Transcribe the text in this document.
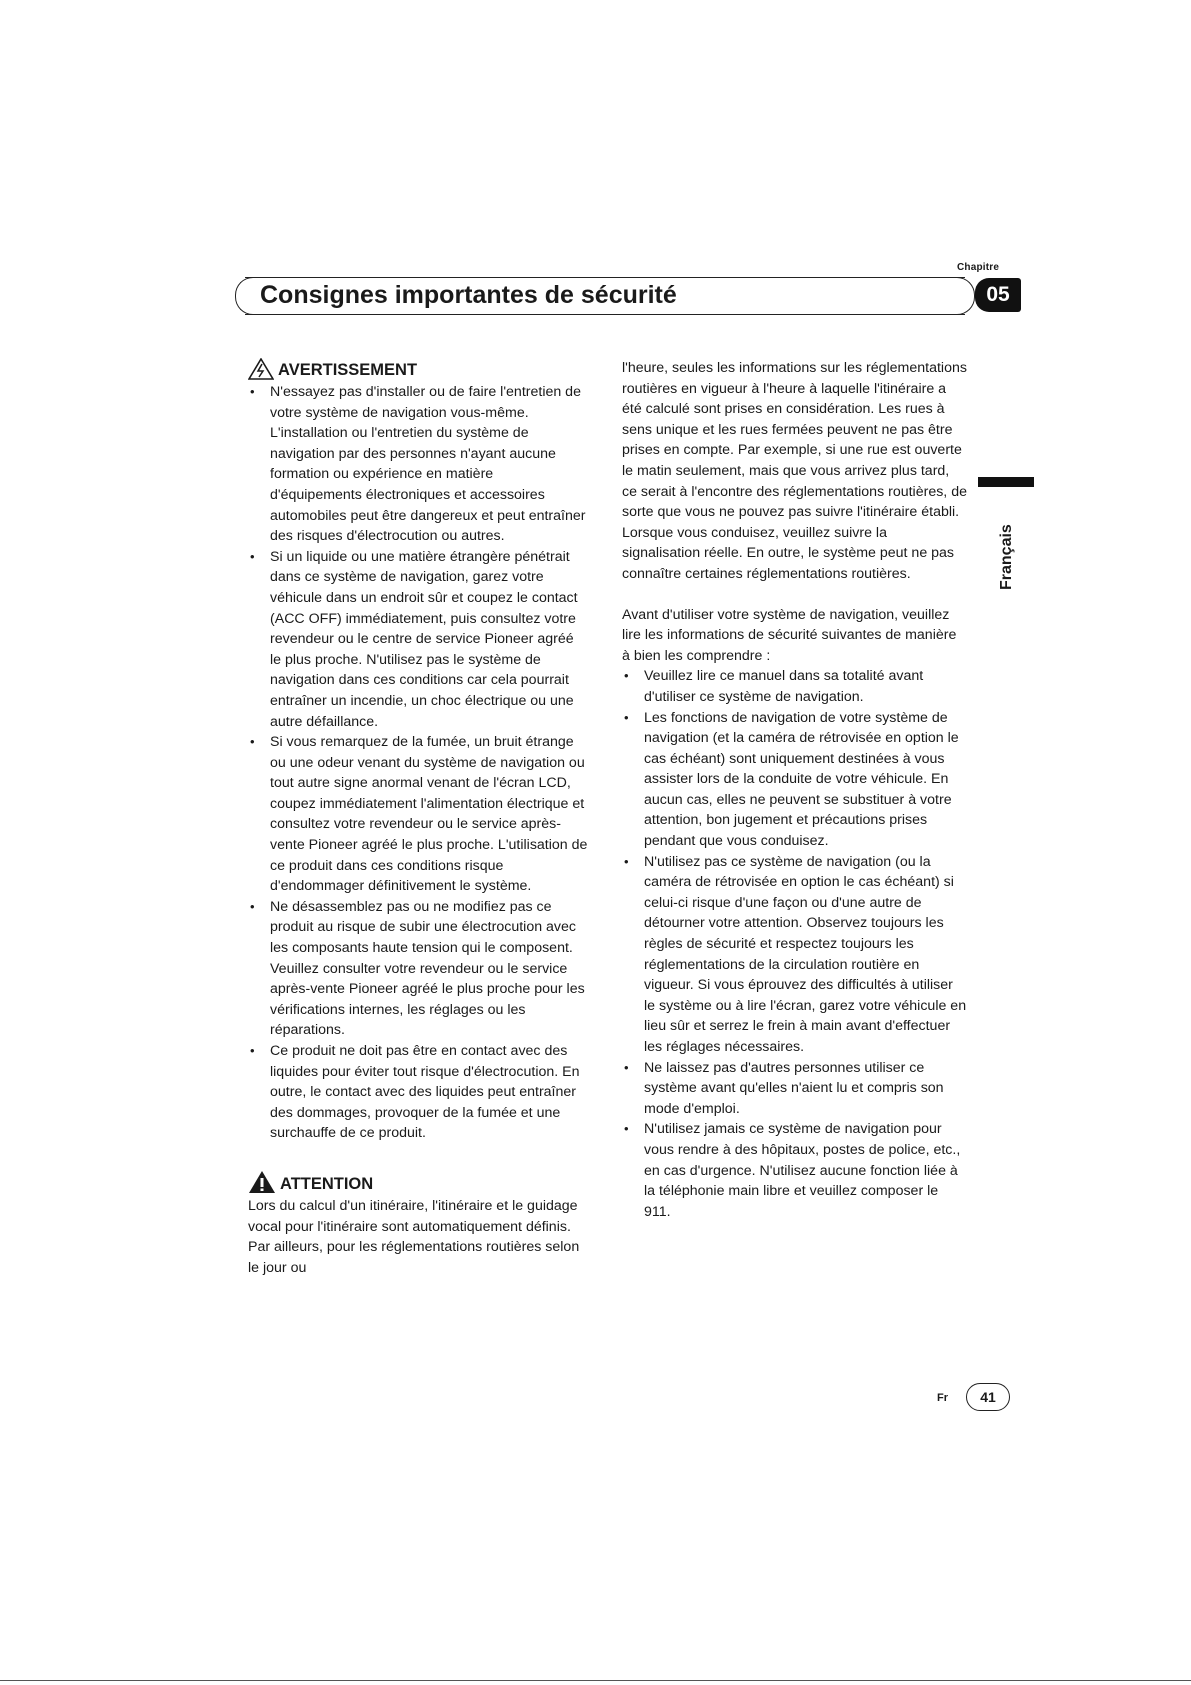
Chapitre
Consignes importantes de sécurité	05
Français
AVERTISSEMENT
• N'essayez pas d'installer ou de faire l'entretien de votre système de navigation vous-même. L'installation ou l'entretien du système de navigation par des personnes n'ayant aucune formation ou expérience en matière d'équipements électroniques et accessoires automobiles peut être dangereux et peut entraîner des risques d'électrocution ou autres.
• Si un liquide ou une matière étrangère pénétrait dans ce système de navigation, garez votre véhicule dans un endroit sûr et coupez le contact (ACC OFF) immédiatement, puis consultez votre revendeur ou le centre de service Pioneer agréé le plus proche. N'utilisez pas le système de navigation dans ces conditions car cela pourrait entraîner un incendie, un choc électrique ou une autre défaillance.
• Si vous remarquez de la fumée, un bruit étrange ou une odeur venant du système de navigation ou tout autre signe anormal venant de l'écran LCD, coupez immédiatement l'alimentation électrique et consultez votre revendeur ou le service après-vente Pioneer agréé le plus proche. L'utilisation de ce produit dans ces conditions risque d'endommager définitivement le système.
• Ne désassemblez pas ou ne modifiez pas ce produit au risque de subir une électrocution avec les composants haute tension qui le composent. Veuillez consulter votre revendeur ou le service après-vente Pioneer agréé le plus proche pour les vérifications internes, les réglages ou les réparations.
• Ce produit ne doit pas être en contact avec des liquides pour éviter tout risque d'électrocution. En outre, le contact avec des liquides peut entraîner des dommages, provoquer de la fumée et une surchauffe de ce produit.
ATTENTION

Lors du calcul d'un itinéraire, l'itinéraire et le guidage vocal pour l'itinéraire sont automatiquement définis. Par ailleurs, pour les réglementations routières selon le jour ou

l'heure, seules les informations sur les réglementations routières en vigueur à l'heure à laquelle l'itinéraire a été calculé sont prises en considération. Les rues à sens unique et les rues fermées peuvent ne pas être prises en compte. Par exemple, si une rue est ouverte le matin seulement, mais que vous arrivez plus tard, ce serait à l'encontre des réglementations routières, de sorte que vous ne pouvez pas suivre l'itinéraire établi. Lorsque vous conduisez, veuillez suivre la signalisation réelle. En outre, le système peut ne pas connaître certaines réglementations routières.

Avant d'utiliser votre système de navigation, veuillez lire les informations de sécurité suivantes de manière à bien les comprendre :

• Veuillez lire ce manuel dans sa totalité avant d'utiliser ce système de navigation.
• Les fonctions de navigation de votre système de navigation (et la caméra de rétrovisée en option le cas échéant) sont uniquement destinées à vous assister lors de la conduite de votre véhicule. En aucun cas, elles ne peuvent se substituer à votre attention, bon jugement et précautions prises pendant que vous conduisez.
• N'utilisez pas ce système de navigation (ou la caméra de rétrovisée en option le cas échéant) si celui-ci risque d'une façon ou d'une autre de détourner votre attention. Observez toujours les règles de sécurité et respectez toujours les réglementations de la circulation routière en vigueur. Si vous éprouvez des difficultés à utiliser le système ou à lire l'écran, garez votre véhicule en lieu sûr et serrez le frein à main avant d'effectuer les réglages nécessaires.
• Ne laissez pas d'autres personnes utiliser ce système avant qu'elles n'aient lu et compris son mode d'emploi.
• N'utilisez jamais ce système de navigation pour vous rendre à des hôpitaux, postes de police, etc., en cas d'urgence. N'utilisez aucune fonction liée à la téléphonie main libre et veuillez composer le 911.
Fr	41
